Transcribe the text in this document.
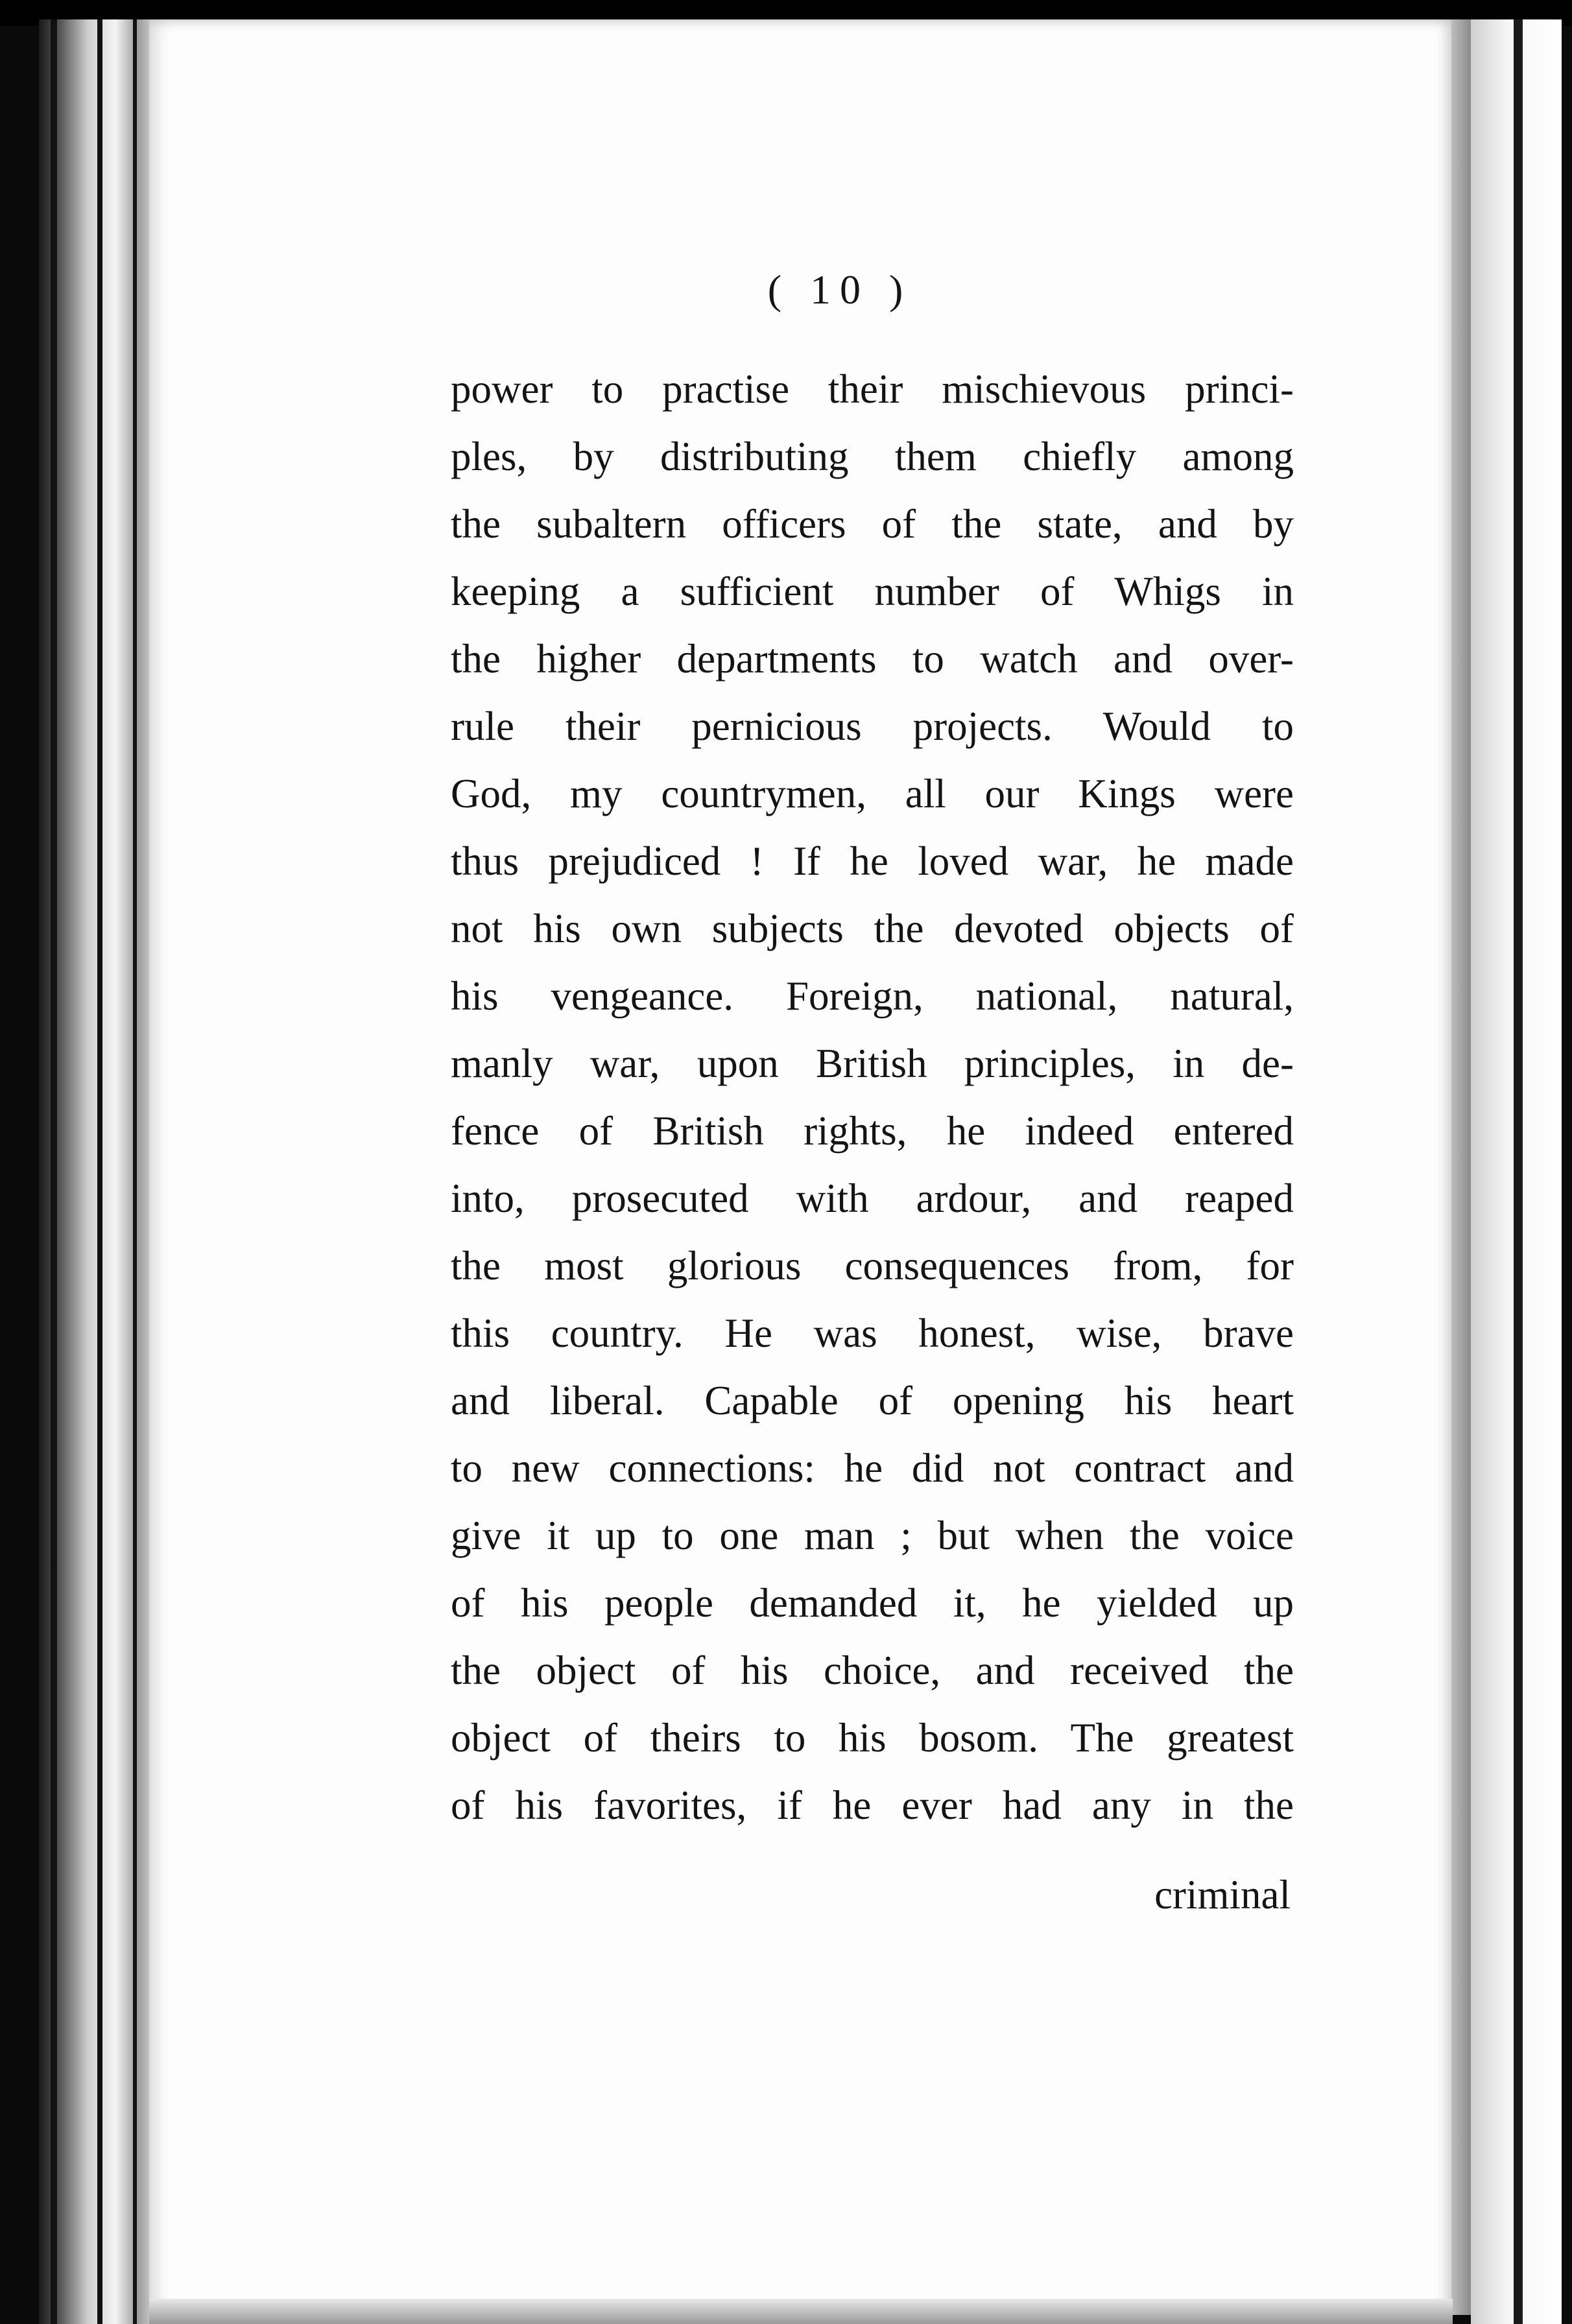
( 10 )
power to practise their mischievous princi-
ples, by distributing them chiefly among
the subaltern officers of the state, and by
keeping a sufficient number of Whigs in
the higher departments to watch and over-
rule their pernicious projects. Would to
God, my countrymen, all our Kings were
thus prejudiced ! If he loved war, he made
not his own subjects the devoted objects of
his vengeance. Foreign, national, natural,
manly war, upon British principles, in de-
fence of British rights, he indeed entered
into, prosecuted with ardour, and reaped
the most glorious consequences from, for
this country. He was honest, wise, brave
and liberal. Capable of opening his heart
to new connections: he did not contract and
give it up to one man ; but when the voice
of his people demanded it, he yielded up
the object of his choice, and received the
object of theirs to his bosom. The greatest
of his favorites, if he ever had any in the
criminal
